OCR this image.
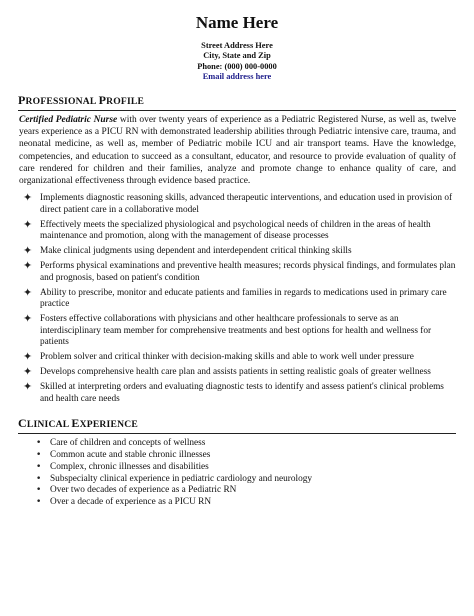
Name Here
Street Address Here
City, State and Zip
Phone: (000) 000-0000
Email address here
PROFESSIONAL PROFILE

Certified Pediatric Nurse with over twenty years of experience as a Pediatric Registered Nurse, as well as, twelve years experience as a PICU RN with demonstrated leadership abilities through Pediatric intensive care, trauma, and neonatal medicine, as well as, member of Pediatric mobile ICU and air transport teams. Have the knowledge, competencies, and education to succeed as a consultant, educator, and resource to provide evaluation of quality of care rendered for children and their families, analyze and promote change to enhance quality of care, and organizational effectiveness through evidence based practice.

✦ Implements diagnostic reasoning skills, advanced therapeutic interventions, and education used in provision of direct patient care in a collaborative model
✦ Effectively meets the specialized physiological and psychological needs of children in the areas of health maintenance and promotion, along with the management of disease processes
✦ Make clinical judgments using dependent and interdependent critical thinking skills
✦ Performs physical examinations and preventive health measures; records physical findings, and formulates plan and prognosis, based on patient's condition
✦ Ability to prescribe, monitor and educate patients and families in regards to medications used in primary care practice
✦ Fosters effective collaborations with physicians and other healthcare professionals to serve as an interdisciplinary team member for comprehensive treatments and best options for health and wellness for patients
✦ Problem solver and critical thinker with decision-making skills and able to work well under pressure
✦ Develops comprehensive health care plan and assists patients in setting realistic goals of greater wellness
✦ Skilled at interpreting orders and evaluating diagnostic tests to identify and assess patient's clinical problems and health care needs
CLINICAL EXPERIENCE
• Care of children and concepts of wellness
• Common acute and stable chronic illnesses
• Complex, chronic illnesses and disabilities
• Subspecialty clinical experience in pediatric cardiology and neurology
• Over two decades of experience as a Pediatric RN
• Over a decade of experience as a PICU RN
